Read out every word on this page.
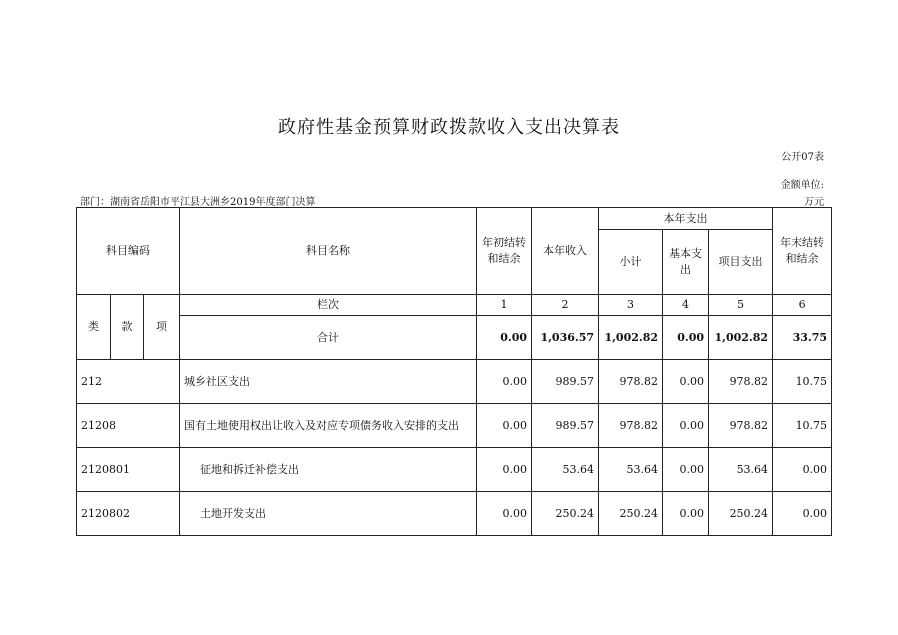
政府性基金预算财政拨款收入支出决算表
公开07表
金额单位:
部门：湖南省岳阳市平江县大洲乡2019年度部门决算	万元
科目编码			科目名称	年初结转和结余	本年收入	本年支出			年末结转和结余
						小计	基本支出	项目支出	

类	款	项	栏次	1	2	3	4	5	6
			合计	0.00	1,036.57	1,002.82	0.00	1,002.82	33.75
212			城乡社区支出	0.00	989.57	978.82	0.00	978.82	10.75
21208			国有土地使用权出让收入及对应专项债务收入安排的支出	0.00	989.57	978.82	0.00	978.82	10.75
2120801			征地和拆迁补偿支出	0.00	53.64	53.64	0.00	53.64	0.00
2120802			土地开发支出	0.00	250.24	250.24	0.00	250.24	0.00
